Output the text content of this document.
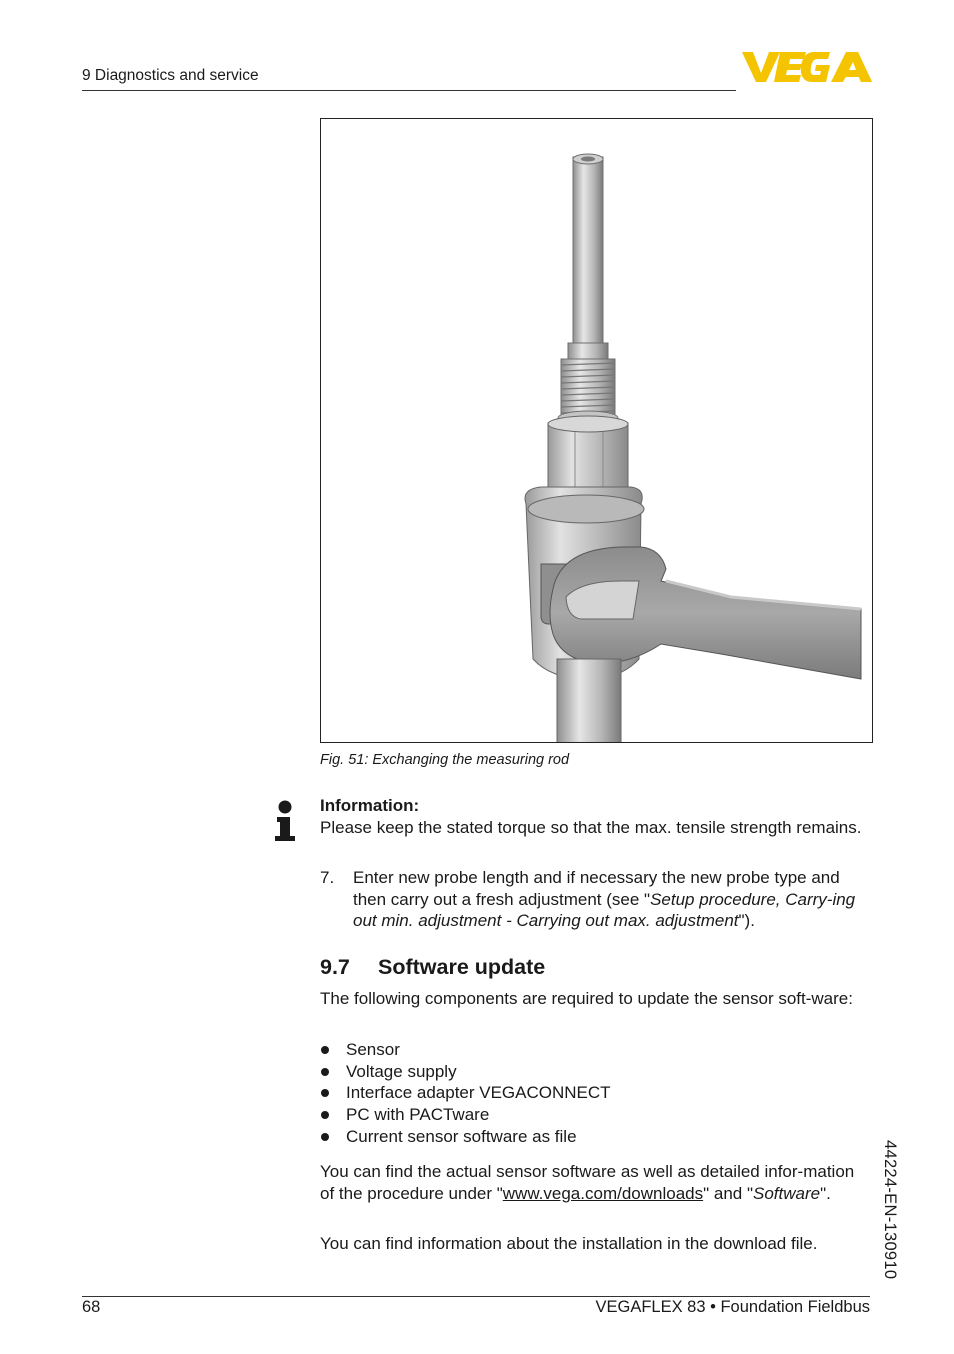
9 Diagnostics and service
Fig. 51: Exchanging the measuring rod
Information:
Please keep the stated torque so that the max. tensile strength remains.
7. Enter new probe length and if necessary the new probe type and then carry out a fresh adjustment (see "Setup procedure, Carry-ing out min. adjustment - Carrying out max. adjustment").
9.7 Software update
The following components are required to update the sensor soft-ware:
Sensor
Voltage supply
Interface adapter VEGACONNECT
PC with PACTware
Current sensor software as file
You can find the actual sensor software as well as detailed infor-mation of the procedure under "www.vega.com/downloads" and "Software".
You can find information about the installation in the download file.	44224-EN-130910
68	VEGAFLEX 83 • Foundation Fieldbus
